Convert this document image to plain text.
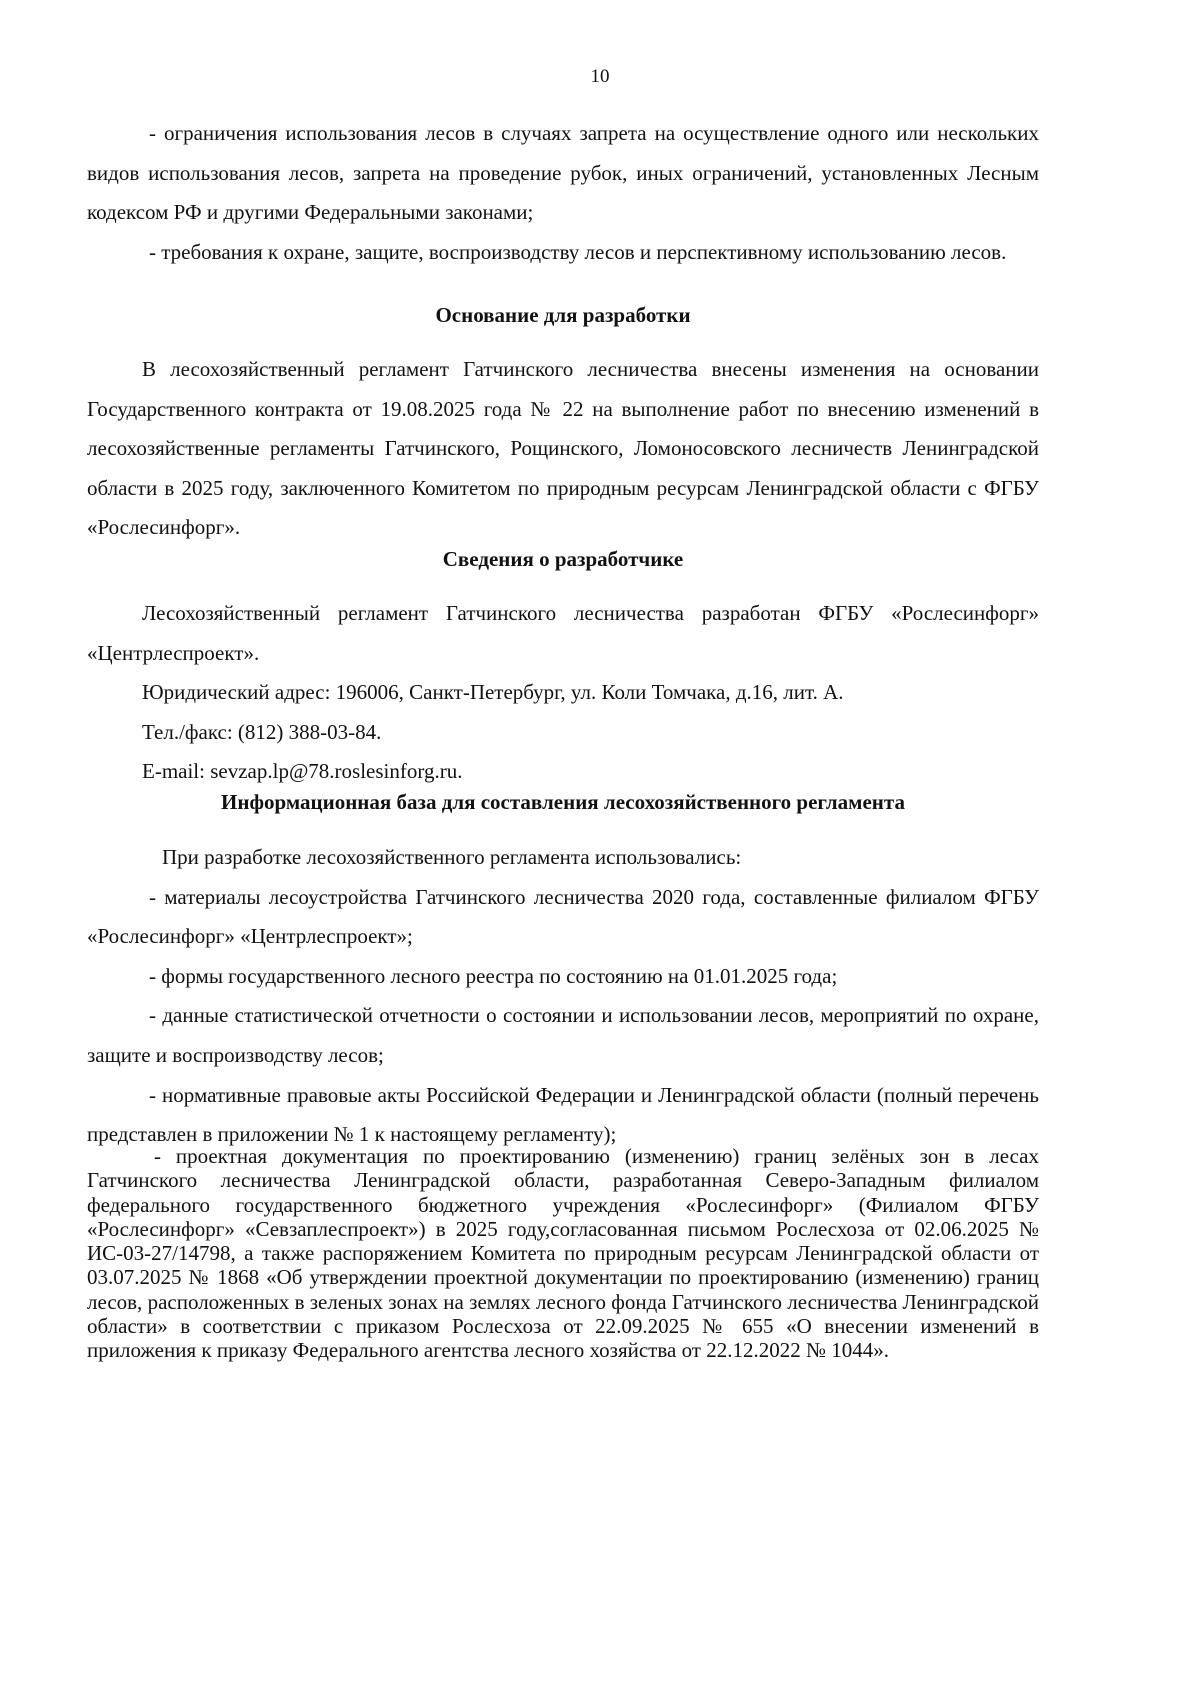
10

- ограничения использования лесов в случаях запрета на осуществление одного или нескольких видов использования лесов, запрета на проведение рубок, иных ограничений, установленных Лесным кодексом РФ и другими Федеральными законами;

- требования к охране, защите, воспроизводству лесов и перспективному использованию лесов.

Основание для разработки

В лесохозяйственный регламент Гатчинского лесничества внесены изменения на основании Государственного контракта от 19.08.2025 года № 22 на выполнение работ по внесению изменений в лесохозяйственные регламенты Гатчинского, Рощинского, Ломоносовского лесничеств Ленинградской области в 2025 году, заключенного Комитетом по природным ресурсам Ленинградской области с ФГБУ «Рослесинфорг».

Сведения о разработчике

Лесохозяйственный регламент Гатчинского лесничества разработан ФГБУ «Рослесинфорг» «Центрлеспроект».

Юридический адрес: 196006, Санкт-Петербург, ул. Коли Томчака, д.16, лит. А.

Тел./факс: (812) 388-03-84.

E-mail: sevzap.lp@78.roslesinforg.ru.

Информационная база для составления лесохозяйственного регламента

При разработке лесохозяйственного регламента использовались:

- материалы лесоустройства Гатчинского лесничества 2020 года, составленные филиалом ФГБУ «Рослесинфорг» «Центрлеспроект»;

- формы государственного лесного реестра по состоянию на 01.01.2025 года;

- данные статистической отчетности о состоянии и использовании лесов, мероприятий по охране, защите и воспроизводству лесов;

- нормативные правовые акты Российской Федерации и Ленинградской области (полный перечень представлен в приложении № 1 к настоящему регламенту);

- проектная документация по проектированию (изменению) границ зелёных зон в лесах Гатчинского лесничества Ленинградской области, разработанная Северо-Западным филиалом федерального государственного бюджетного учреждения «Рослесинфорг» (Филиалом ФГБУ «Рослесинфорг» «Севзаплеспроект») в 2025 году,согласованная письмом Рослесхоза от 02.06.2025 № ИС-03-27/14798, а также распоряжением Комитета по природным ресурсам Ленинградской области от 03.07.2025 № 1868 «Об утверждении проектной документации по проектированию (изменению) границ лесов, расположенных в зеленых зонах на землях лесного фонда Гатчинского лесничества Ленинградской области» в соответствии с приказом Рослесхоза от 22.09.2025 № 655 «О внесении изменений в приложения к приказу Федерального агентства лесного хозяйства от 22.12.2022 № 1044».
